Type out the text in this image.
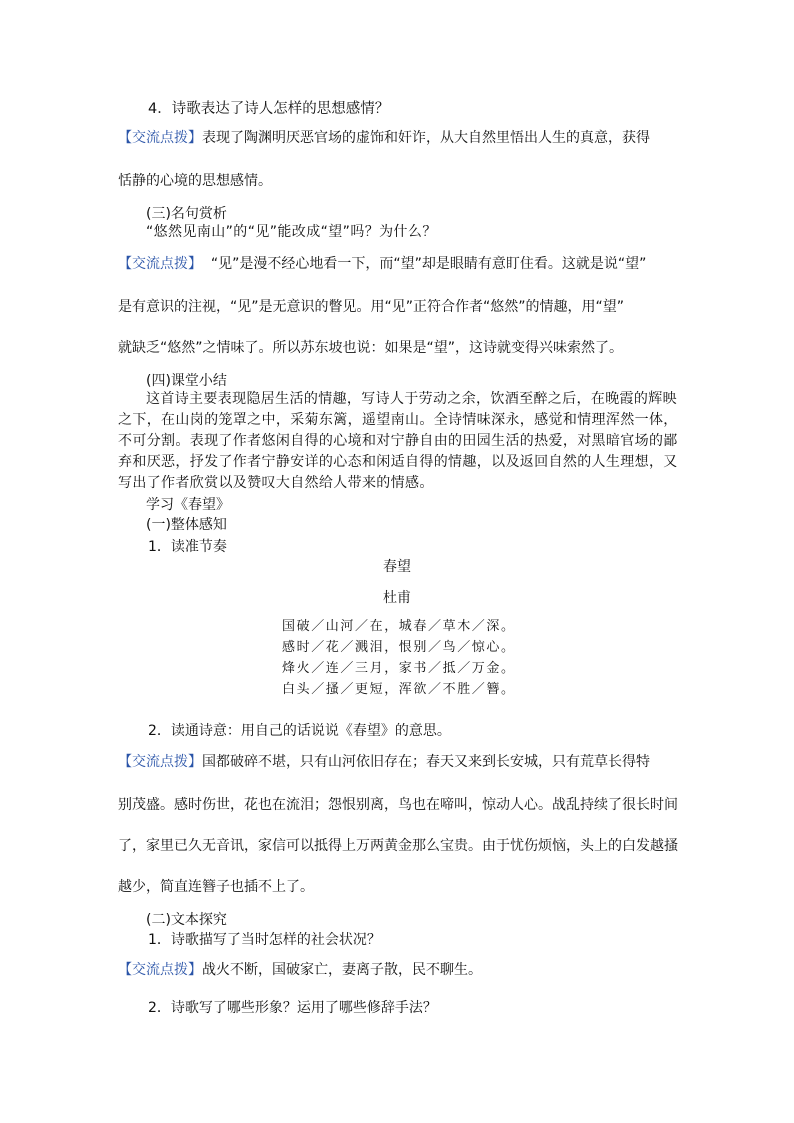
4．诗歌表达了诗人怎样的思想感情？
【交流点拨】表现了陶渊明厌恶官场的虚饰和奸诈，从大自然里悟出人生的真意，获得
恬静的心境的思想感情。
(三)名句赏析
“悠然见南山”的“见”能改成“望”吗？为什么？
【交流点拨】  “见”是漫不经心地看一下，而“望”却是眼睛有意盯住看。这就是说“望”
是有意识的注视，“见”是无意识的瞥见。用“见”正符合作者“悠然”的情趣，用“望”
就缺乏“悠然”之情味了。所以苏东坡也说：如果是“望”，这诗就变得兴味索然了。
(四)课堂小结
这首诗主要表现隐居生活的情趣，写诗人于劳动之余，饮酒至醉之后，在晚霞的辉映之下，在山岗的笼罩之中，采菊东篱，遥望南山。全诗情味深永，感觉和情理浑然一体，不可分割。表现了作者悠闲自得的心境和对宁静自由的田园生活的热爱，对黑暗官场的鄙弃和厌恶，抒发了作者宁静安详的心态和闲适自得的情趣，以及返回自然的人生理想，又写出了作者欣赏以及赞叹大自然给人带来的情感。
学习《春望》
(一)整体感知
1．读准节奏
春望
杜甫
国破／山河／在，城春／草木／深。
感时／花／溅泪，恨别／鸟／惊心。
烽火／连／三月，家书／抵／万金。
白头／搔／更短，浑欲／不胜／簪。
2．读通诗意：用自己的话说说《春望》的意思。
【交流点拨】国都破碎不堪，只有山河依旧存在；春天又来到长安城，只有荒草长得特
别茂盛。感时伤世，花也在流泪；怨恨别离，鸟也在啼叫，惊动人心。战乱持续了很长时间
了，家里已久无音讯，家信可以抵得上万两黄金那么宝贵。由于忧伤烦恼，头上的白发越搔
越少，简直连簪子也插不上了。
(二)文本探究
1．诗歌描写了当时怎样的社会状况？
【交流点拨】战火不断，国破家亡，妻离子散，民不聊生。
2．诗歌写了哪些形象？运用了哪些修辞手法？
